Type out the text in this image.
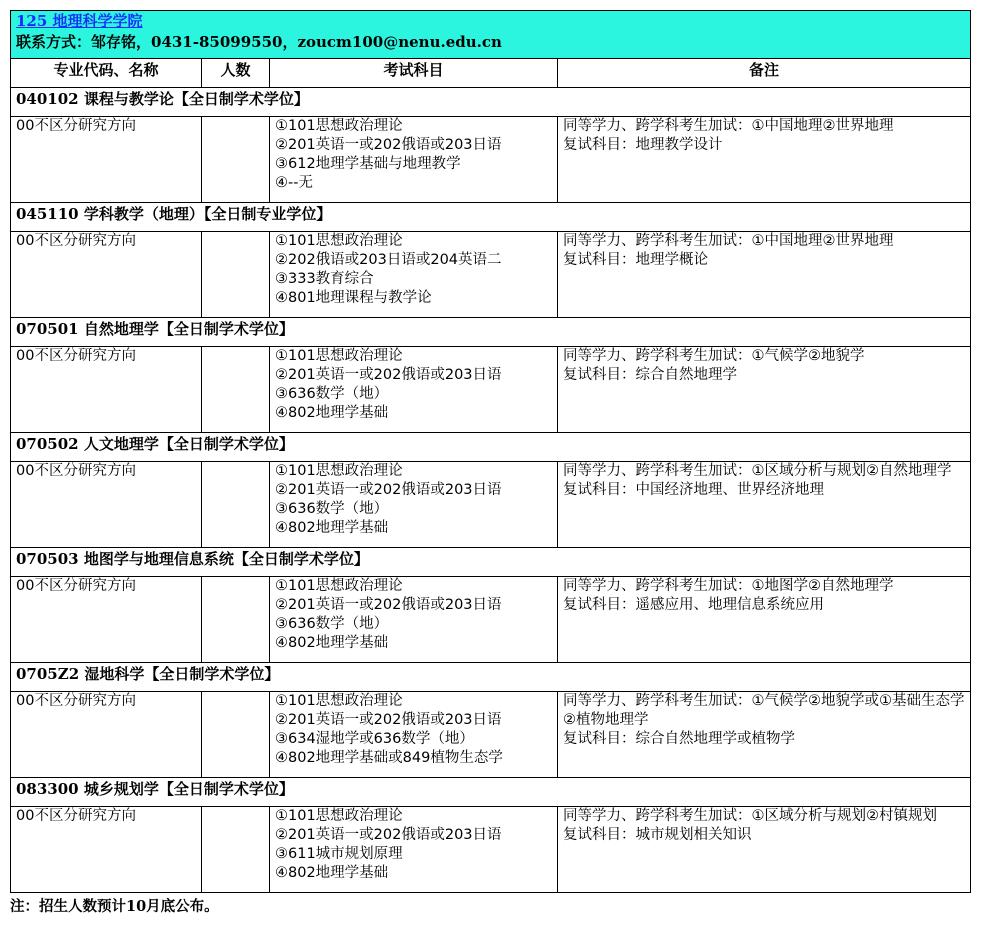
125 地理科学学院
联系方式：邹存铭，0431-85099550，zoucm100@nenu.edu.cn			

专业代码、名称	人数	考试科目	备注
040102 课程与教学论【全日制学术学位】			
00不区分研究方向		①101思想政治理论
②201英语一或202俄语或203日语
③612地理学基础与地理教学
④--无	同等学力、跨学科考生加试：①中国地理②世界地理
复试科目：地理教学设计

045110 学科教学（地理）【全日制专业学位】			
00不区分研究方向		①101思想政治理论
②202俄语或203日语或204英语二
③333教育综合
④801地理课程与教学论	同等学力、跨学科考生加试：①中国地理②世界地理
复试科目：地理学概论

070501 自然地理学【全日制学术学位】			
00不区分研究方向		①101思想政治理论
②201英语一或202俄语或203日语
③636数学（地）
④802地理学基础	同等学力、跨学科考生加试：①气候学②地貌学
复试科目：综合自然地理学

070502 人文地理学【全日制学术学位】			
00不区分研究方向		①101思想政治理论
②201英语一或202俄语或203日语
③636数学（地）
④802地理学基础	同等学力、跨学科考生加试：①区域分析与规划②自然地理学
复试科目：中国经济地理、世界经济地理

070503 地图学与地理信息系统【全日制学术学位】			
00不区分研究方向		①101思想政治理论
②201英语一或202俄语或203日语
③636数学（地）
④802地理学基础	同等学力、跨学科考生加试：①地图学②自然地理学
复试科目：遥感应用、地理信息系统应用

0705Z2 湿地科学【全日制学术学位】			
00不区分研究方向		①101思想政治理论
②201英语一或202俄语或203日语
③634湿地学或636数学（地）
④802地理学基础或849植物生态学	同等学力、跨学科考生加试：①气候学②地貌学或①基础生态学②植物地理学
复试科目：综合自然地理学或植物学

083300 城乡规划学【全日制学术学位】			
00不区分研究方向		①101思想政治理论
②201英语一或202俄语或203日语
③611城市规划原理
④802地理学基础	同等学力、跨学科考生加试：①区域分析与规划②村镇规划
复试科目：城市规划相关知识
注：招生人数预计10月底公布。
